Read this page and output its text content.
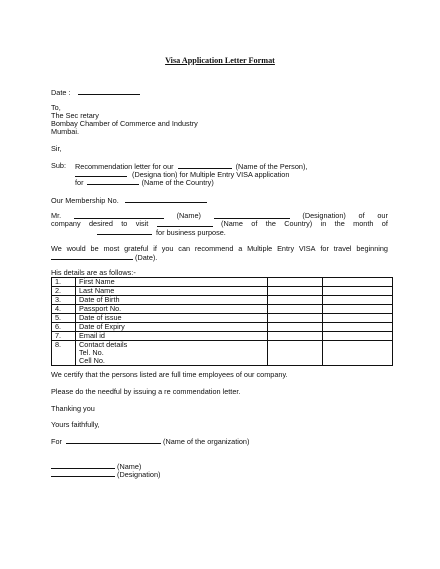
Visa Application Letter Format
Date :
To,
The Sec retary
Bombay Chamber of Commerce and Industry
Mumbai.
Sir,
Sub: Recommendation letter for our	(Name of the Person),
(Designa tion) for Multiple Entry VISA application
for	(Name of the Country)
Our Membership No.
Mr.	(Name)	(Designation) of our
company desired to visit	(Name of the Country) in the month of
for business purpose.
We would be most grateful if you can recommend a Multiple Entry VISA for travel beginning
(Date).
His details are as follows:-
1.	First Name		
2.	Last Name		
3.	Date of Birth		
4.	Passport No.		
5.	Date of issue		
6.	Date of Expiry		
7.	Email id		
8.	Contact details
Tel. No.
Cell No.		

We certify that the persons listed are full time employees of our company.
Please do the needful by issuing a re commendation letter.
Thanking you
Yours faithfully,
For	(Name of the organization)
(Name)
(Designation)
